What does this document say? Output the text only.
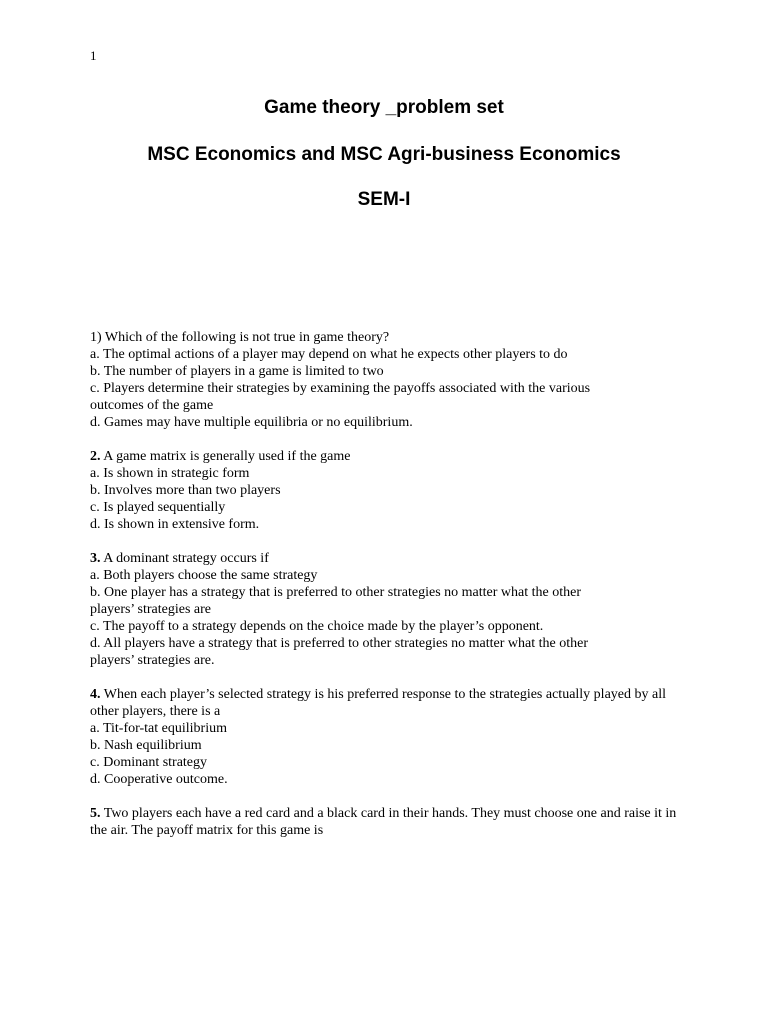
1
Game theory _problem set
MSC Economics and MSC Agri-business Economics
SEM-I
1) Which of the following is not true in game theory?
a. The optimal actions of a player may depend on what he expects other players to do
b. The number of players in a game is limited to two
c. Players determine their strategies by examining the payoffs associated with the various
outcomes of the game
d. Games may have multiple equilibria or no equilibrium.
2. A game matrix is generally used if the game
a. Is shown in strategic form
b. Involves more than two players
c. Is played sequentially
d. Is shown in extensive form.
3. A dominant strategy occurs if
a. Both players choose the same strategy
b. One player has a strategy that is preferred to other strategies no matter what the other
players’ strategies are
c. The payoff to a strategy depends on the choice made by the player’s opponent.
d. All players have a strategy that is preferred to other strategies no matter what the other
players’ strategies are.
4. When each player’s selected strategy is his preferred response to the strategies actually played by all other players, there is a
a. Tit-for-tat equilibrium
b. Nash equilibrium
c. Dominant strategy
d. Cooperative outcome.
5. Two players each have a red card and a black card in their hands. They must choose one and raise it in the air. The payoff matrix for this game is
